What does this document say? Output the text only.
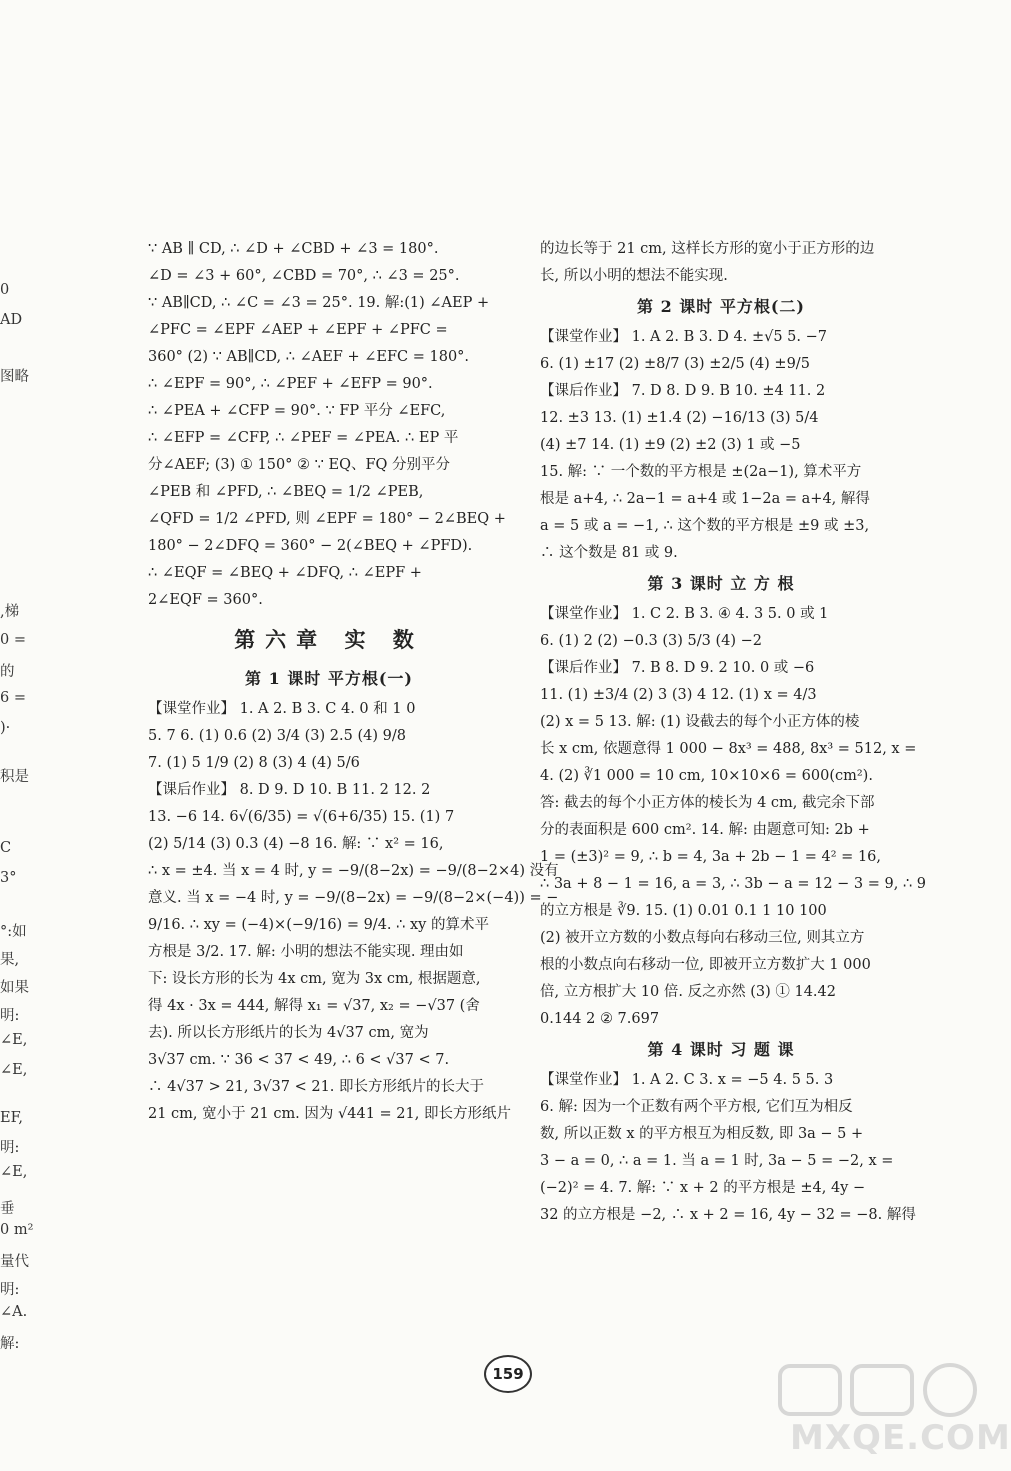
0
AD
图略
,梯
0 =
的
6 =
)·
积是
C
3°
°:如
果,
如果
明:
∠E,
∠E,
EF,
明:
∠E,
垂
0 m²
量代
明:
∠A.
解:
∵ AB ∥ CD, ∴ ∠D + ∠CBD + ∠3 = 180°.
∠D = ∠3 + 60°, ∠CBD = 70°, ∴ ∠3 = 25°.
∵ AB∥CD, ∴ ∠C = ∠3 = 25°. 19. 解:(1) ∠AEP +
∠PFC = ∠EPF ∠AEP + ∠EPF + ∠PFC =
360° (2) ∵ AB∥CD, ∴ ∠AEF + ∠EFC = 180°.
∴ ∠EPF = 90°, ∴ ∠PEF + ∠EFP = 90°.
∴ ∠PEA + ∠CFP = 90°. ∵ FP 平分 ∠EFC,
∴ ∠EFP = ∠CFP, ∴ ∠PEF = ∠PEA. ∴ EP 平
分∠AEF; (3) ① 150° ② ∵ EQ、FQ 分别平分
∠PEB 和 ∠PFD, ∴ ∠BEQ = 1/2 ∠PEB,
∠QFD = 1/2 ∠PFD, 则 ∠EPF = 180° − 2∠BEQ +
180° − 2∠DFQ = 360° − 2(∠BEQ + ∠PFD).
∴ ∠EQF = ∠BEQ + ∠DFQ, ∴ ∠EPF +
2∠EQF = 360°.
第六章 实 数
第 1 课时 平方根(一)
【课堂作业】 1. A 2. B 3. C 4. 0 和 1 0
5. 7 6. (1) 0.6 (2) 3/4 (3) 2.5 (4) 9/8
7. (1) 5 1/9 (2) 8 (3) 4 (4) 5/6
【课后作业】 8. D 9. D 10. B 11. 2 12. 2
13. −6 14. 6√(6/35) = √(6+6/35) 15. (1) 7
(2) 5/14 (3) 0.3 (4) −8 16. 解: ∵ x² = 16,
∴ x = ±4. 当 x = 4 时, y = −9/(8−2x) = −9/(8−2×4) 没有
意义. 当 x = −4 时, y = −9/(8−2x) = −9/(8−2×(−4)) = −
9/16. ∴ xy = (−4)×(−9/16) = 9/4. ∴ xy 的算术平
方根是 3/2. 17. 解: 小明的想法不能实现. 理由如
下: 设长方形的长为 4x cm, 宽为 3x cm, 根据题意,
得 4x · 3x = 444, 解得 x₁ = √37, x₂ = −√37 (舍
去). 所以长方形纸片的长为 4√37 cm, 宽为
3√37 cm. ∵ 36 < 37 < 49, ∴ 6 < √37 < 7.
∴ 4√37 > 21, 3√37 < 21. 即长方形纸片的长大于
21 cm, 宽小于 21 cm. 因为 √441 = 21, 即长方形纸片
的边长等于 21 cm, 这样长方形的宽小于正方形的边
长, 所以小明的想法不能实现.
第 2 课时 平方根(二)
【课堂作业】 1. A 2. B 3. D 4. ±√5 5. −7
6. (1) ±17 (2) ±8/7 (3) ±2/5 (4) ±9/5
【课后作业】 7. D 8. D 9. B 10. ±4 11. 2
12. ±3 13. (1) ±1.4 (2) −16/13 (3) 5/4
(4) ±7 14. (1) ±9 (2) ±2 (3) 1 或 −5
15. 解: ∵ 一个数的平方根是 ±(2a−1), 算术平方
根是 a+4, ∴ 2a−1 = a+4 或 1−2a = a+4, 解得
a = 5 或 a = −1, ∴ 这个数的平方根是 ±9 或 ±3,
∴ 这个数是 81 或 9.
第 3 课时 立 方 根
【课堂作业】 1. C 2. B 3. ④ 4. 3 5. 0 或 1
6. (1) 2 (2) −0.3 (3) 5/3 (4) −2
【课后作业】 7. B 8. D 9. 2 10. 0 或 −6
11. (1) ±3/4 (2) 3 (3) 4 12. (1) x = 4/3
(2) x = 5 13. 解: (1) 设截去的每个小正方体的棱
长 x cm, 依题意得 1 000 − 8x³ = 488, 8x³ = 512, x =
4. (2) ∛1 000 = 10 cm, 10×10×6 = 600(cm²).
答: 截去的每个小正方体的棱长为 4 cm, 截完余下部
分的表面积是 600 cm². 14. 解: 由题意可知: 2b +
1 = (±3)² = 9, ∴ b = 4, 3a + 2b − 1 = 4² = 16,
∴ 3a + 8 − 1 = 16, a = 3, ∴ 3b − a = 12 − 3 = 9, ∴ 9
的立方根是 ∛9. 15. (1) 0.01 0.1 1 10 100
(2) 被开立方数的小数点每向右移动三位, 则其立方
根的小数点向右移动一位, 即被开立方数扩大 1 000
倍, 立方根扩大 10 倍. 反之亦然 (3) ① 14.42
0.144 2 ② 7.697
第 4 课时 习 题 课
【课堂作业】 1. A 2. C 3. x = −5 4. 5 5. 3
6. 解: 因为一个正数有两个平方根, 它们互为相反
数, 所以正数 x 的平方根互为相反数, 即 3a − 5 +
3 − a = 0, ∴ a = 1. 当 a = 1 时, 3a − 5 = −2, x =
(−2)² = 4. 7. 解: ∵ x + 2 的平方根是 ±4, 4y −
32 的立方根是 −2, ∴ x + 2 = 16, 4y − 32 = −8. 解得
159
MXQE.COM
